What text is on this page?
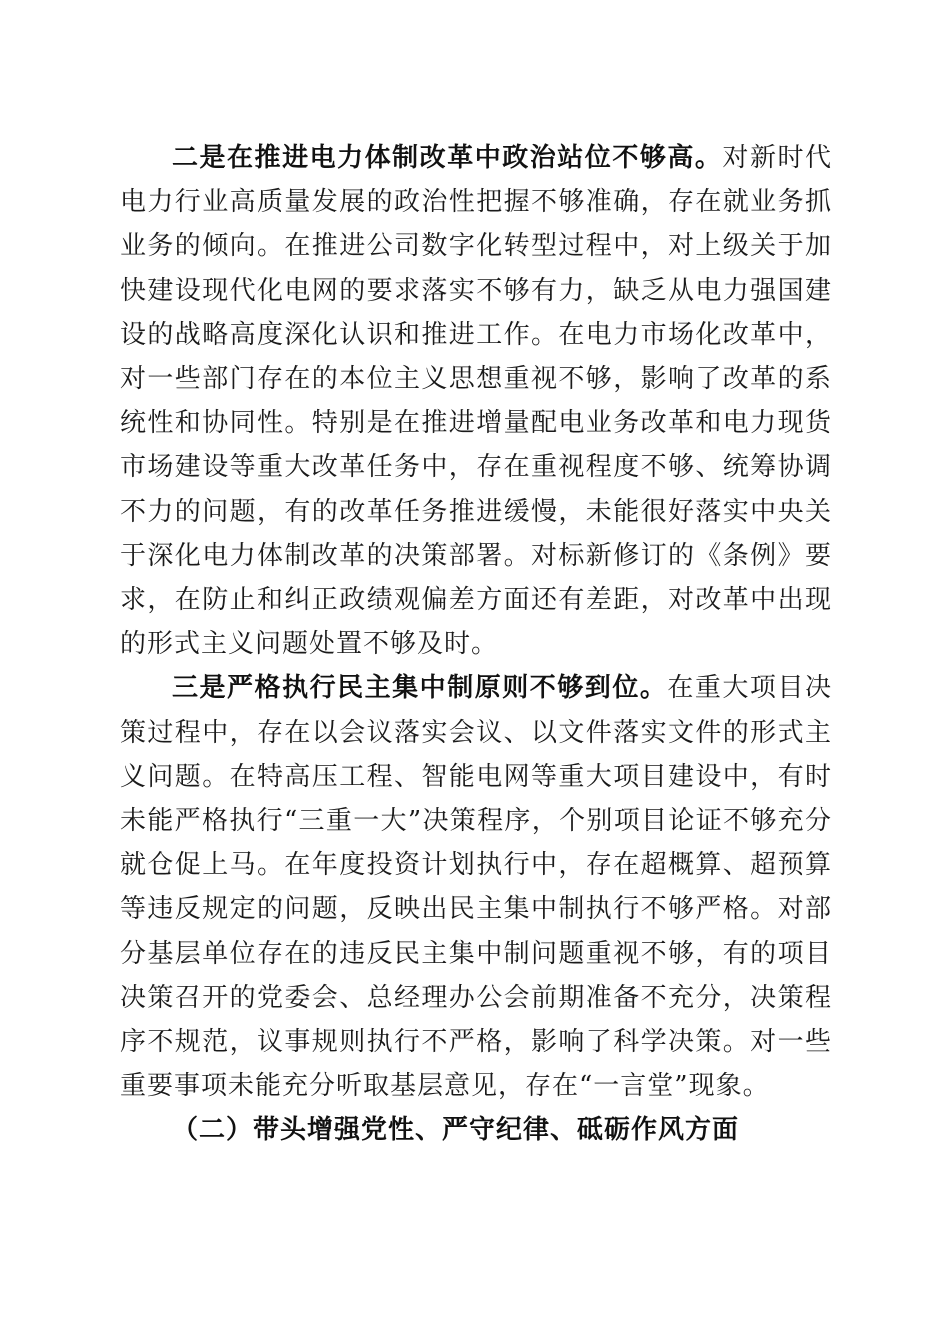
二是在推进电力体制改革中政治站位不够高。对新时代电力行业高质量发展的政治性把握不够准确，存在就业务抓业务的倾向。在推进公司数字化转型过程中，对上级关于加快建设现代化电网的要求落实不够有力，缺乏从电力强国建设的战略高度深化认识和推进工作。在电力市场化改革中，对一些部门存在的本位主义思想重视不够，影响了改革的系统性和协同性。特别是在推进增量配电业务改革和电力现货市场建设等重大改革任务中，存在重视程度不够、统筹协调不力的问题，有的改革任务推进缓慢，未能很好落实中央关于深化电力体制改革的决策部署。对标新修订的《条例》要求，在防止和纠正政绩观偏差方面还有差距，对改革中出现的形式主义问题处置不够及时。

三是严格执行民主集中制原则不够到位。在重大项目决策过程中，存在以会议落实会议、以文件落实文件的形式主义问题。在特高压工程、智能电网等重大项目建设中，有时未能严格执行“三重一大”决策程序，个别项目论证不够充分就仓促上马。在年度投资计划执行中，存在超概算、超预算等违反规定的问题，反映出民主集中制执行不够严格。对部分基层单位存在的违反民主集中制问题重视不够，有的项目决策召开的党委会、总经理办公会前期准备不充分，决策程序不规范，议事规则执行不严格，影响了科学决策。对一些重要事项未能充分听取基层意见，存在“一言堂”现象。

（二）带头增强党性、严守纪律、砥砺作风方面
